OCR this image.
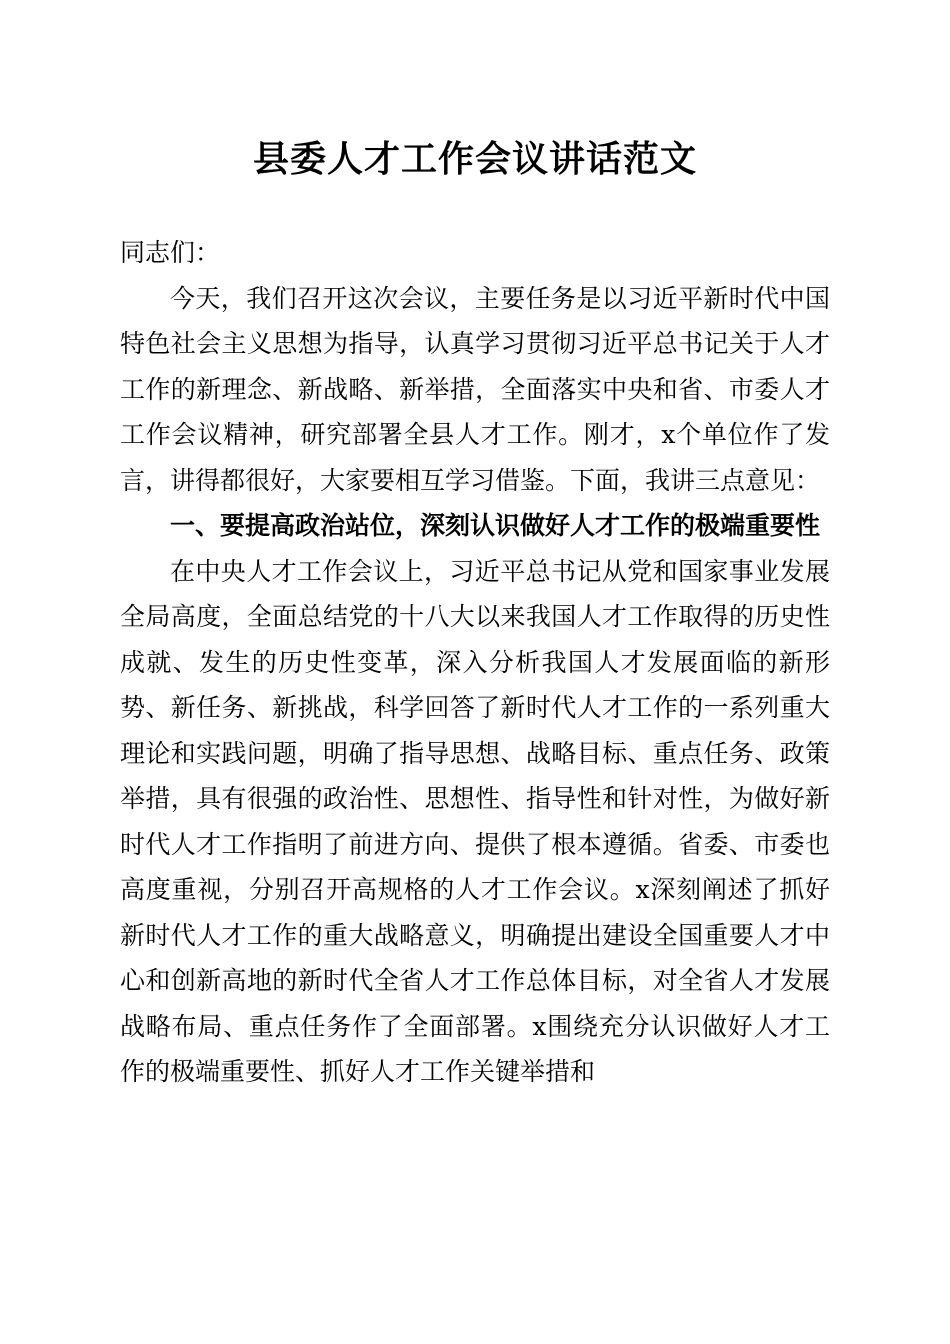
县委人才工作会议讲话范文

同志们：

今天，我们召开这次会议，主要任务是以习近平新时代中国特色社会主义思想为指导，认真学习贯彻习近平总书记关于人才工作的新理念、新战略、新举措，全面落实中央和省、市委人才工作会议精神，研究部署全县人才工作。刚才，x个单位作了发言，讲得都很好，大家要相互学习借鉴。下面，我讲三点意见：

一、要提高政治站位，深刻认识做好人才工作的极端重要性

在中央人才工作会议上，习近平总书记从党和国家事业发展全局高度，全面总结党的十八大以来我国人才工作取得的历史性成就、发生的历史性变革，深入分析我国人才发展面临的新形势、新任务、新挑战，科学回答了新时代人才工作的一系列重大理论和实践问题，明确了指导思想、战略目标、重点任务、政策举措，具有很强的政治性、思想性、指导性和针对性，为做好新时代人才工作指明了前进方向、提供了根本遵循。省委、市委也高度重视，分别召开高规格的人才工作会议。x深刻阐述了抓好新时代人才工作的重大战略意义，明确提出建设全国重要人才中心和创新高地的新时代全省人才工作总体目标，对全省人才发展战略布局、重点任务作了全面部署。x围绕充分认识做好人才工作的极端重要性、抓好人才工作关键举措和
